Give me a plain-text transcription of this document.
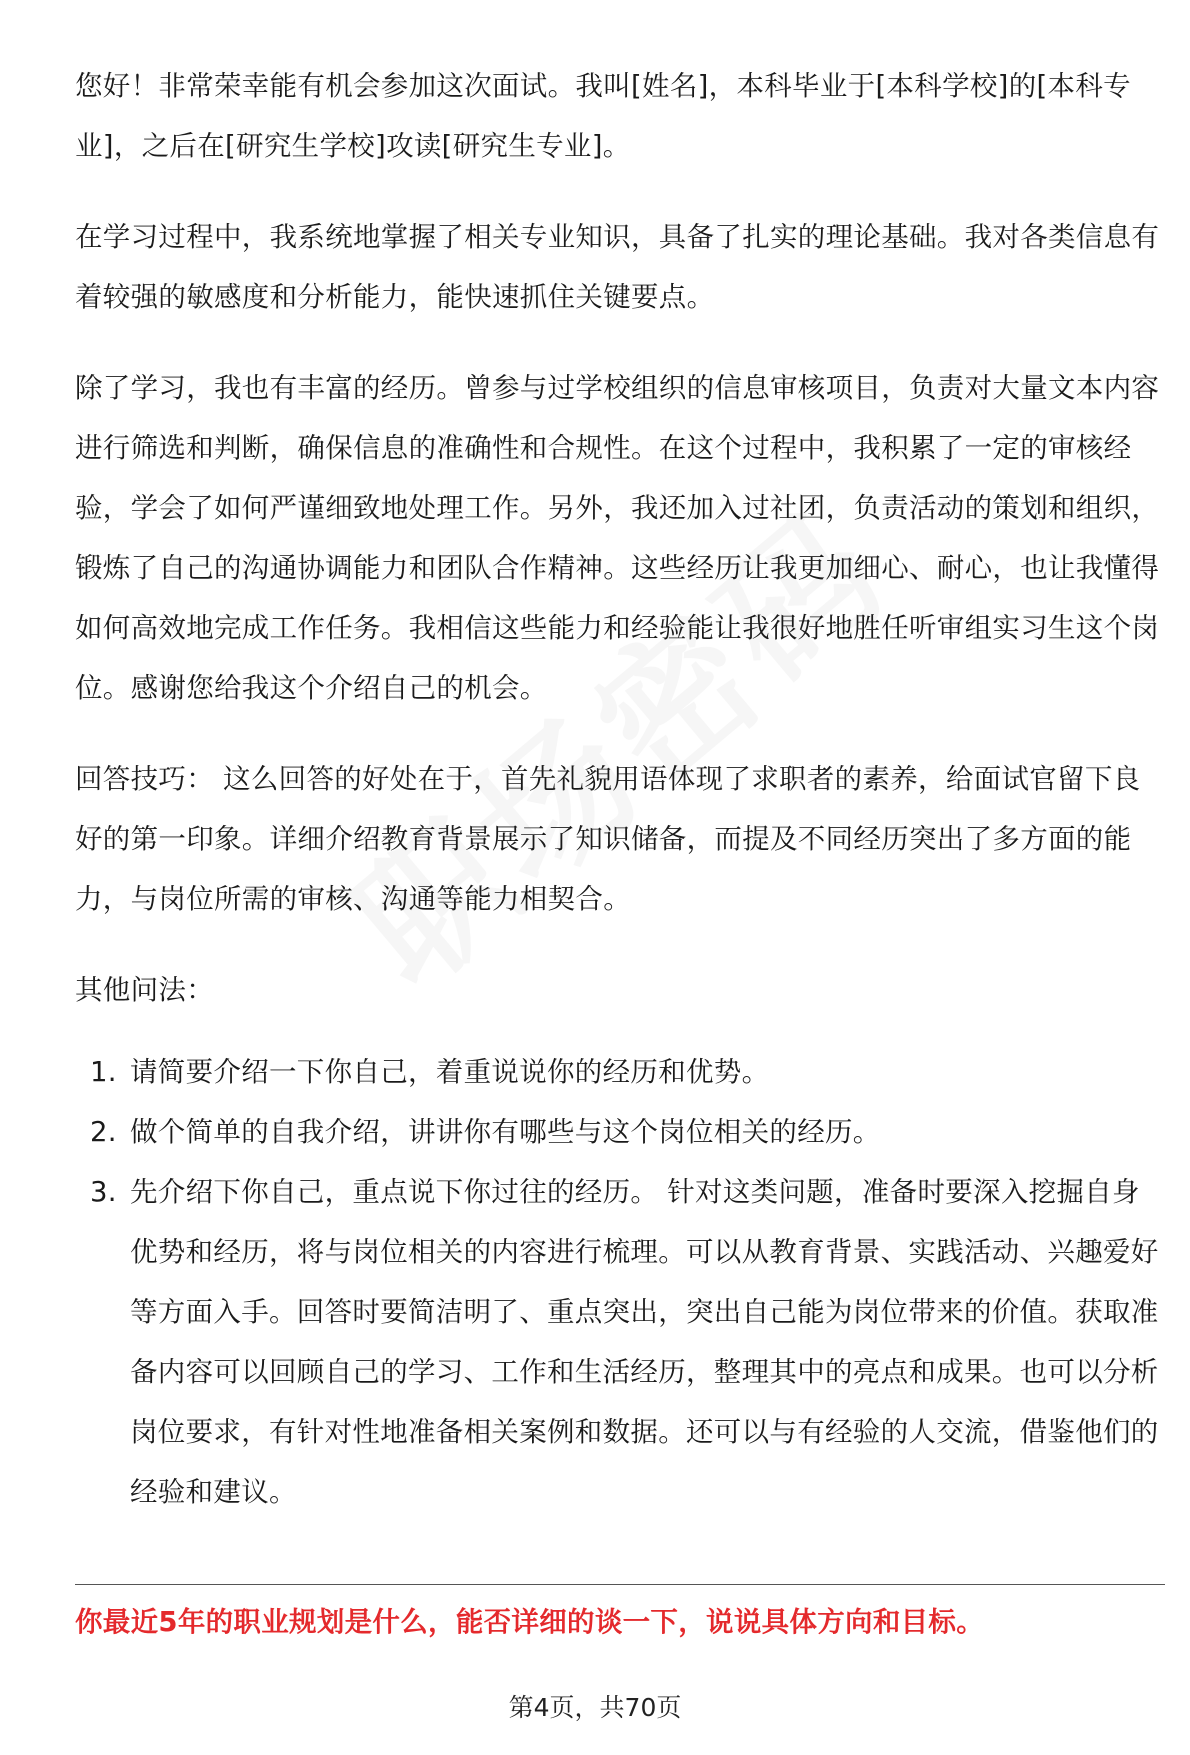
您好！非常荣幸能有机会参加这次面试。我叫[姓名]，本科毕业于[本科学校]的[本科专业]，之后在[研究生学校]攻读[研究生专业]。

在学习过程中，我系统地掌握了相关专业知识，具备了扎实的理论基础。我对各类信息有着较强的敏感度和分析能力，能快速抓住关键要点。

除了学习，我也有丰富的经历。曾参与过学校组织的信息审核项目，负责对大量文本内容进行筛选和判断，确保信息的准确性和合规性。在这个过程中，我积累了一定的审核经验，学会了如何严谨细致地处理工作。另外，我还加入过社团，负责活动的策划和组织，锻炼了自己的沟通协调能力和团队合作精神。这些经历让我更加细心、耐心，也让我懂得如何高效地完成工作任务。我相信这些能力和经验能让我很好地胜任听审组实习生这个岗位。感谢您给我这个介绍自己的机会。

回答技巧： 这么回答的好处在于，首先礼貌用语体现了求职者的素养，给面试官留下良好的第一印象。详细介绍教育背景展示了知识储备，而提及不同经历突出了多方面的能力，与岗位所需的审核、沟通等能力相契合。

其他问法：

1. 请简要介绍一下你自己，着重说说你的经历和优势。
2. 做个简单的自我介绍，讲讲你有哪些与这个岗位相关的经历。
3. 先介绍下你自己，重点说下你过往的经历。 针对这类问题，准备时要深入挖掘自身优势和经历，将与岗位相关的内容进行梳理。可以从教育背景、实践活动、兴趣爱好等方面入手。回答时要简洁明了、重点突出，突出自己能为岗位带来的价值。获取准备内容可以回顾自己的学习、工作和生活经历，整理其中的亮点和成果。也可以分析岗位要求，有针对性地准备相关案例和数据。还可以与有经验的人交流，借鉴他们的经验和建议。
你最近5年的职业规划是什么，能否详细的谈一下，说说具体方向和目标。
第4页，共70页
